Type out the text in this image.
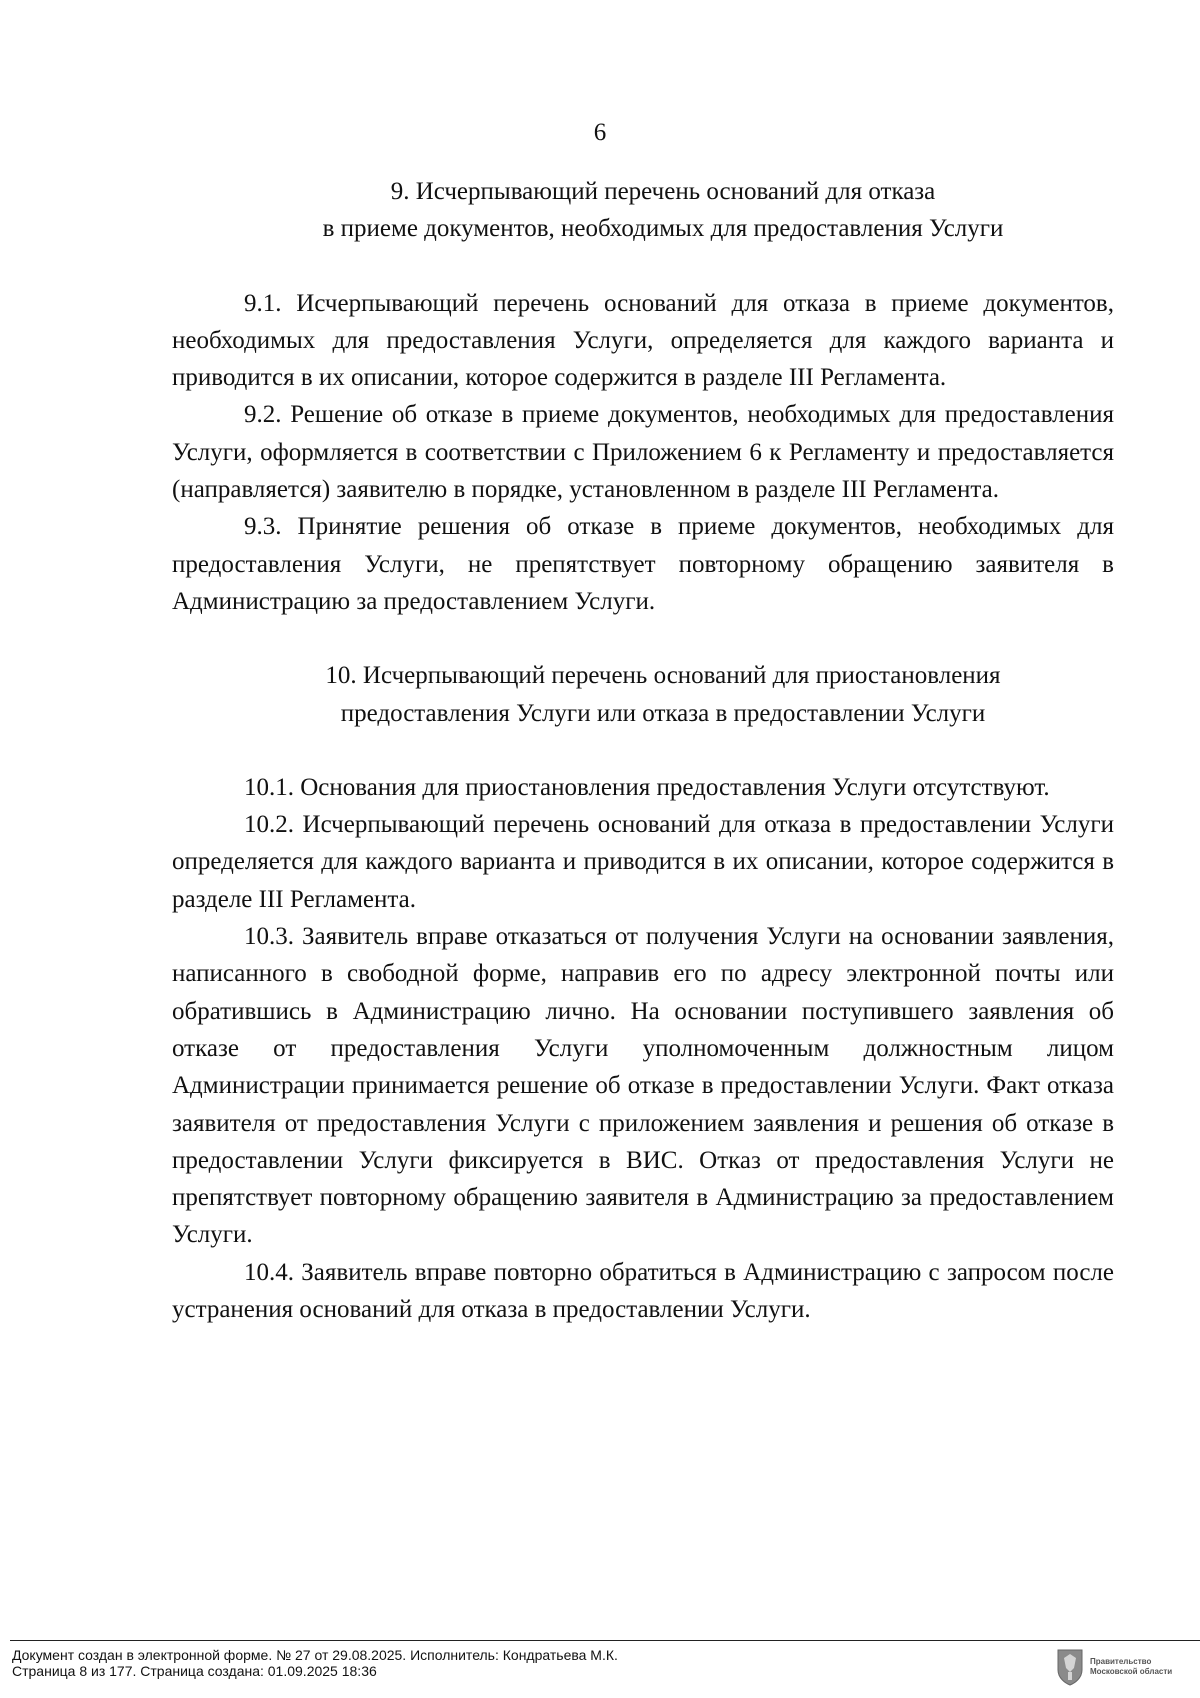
6
9. Исчерпывающий перечень оснований для отказа
в приеме документов, необходимых для предоставления Услуги

9.1. Исчерпывающий перечень оснований для отказа в приеме документов, необходимых для предоставления Услуги, определяется для каждого варианта и приводится в их описании, которое содержится в разделе III Регламента.

9.2. Решение об отказе в приеме документов, необходимых для предоставления Услуги, оформляется в соответствии с Приложением 6 к Регламенту и предоставляется (направляется) заявителю в порядке, установленном в разделе III Регламента.

9.3. Принятие решения об отказе в приеме документов, необходимых для предоставления Услуги, не препятствует повторному обращению заявителя в Администрацию за предоставлением Услуги.

10. Исчерпывающий перечень оснований для приостановления
предоставления Услуги или отказа в предоставлении Услуги

10.1. Основания для приостановления предоставления Услуги отсутствуют.

10.2. Исчерпывающий перечень оснований для отказа в предоставлении Услуги определяется для каждого варианта и приводится в их описании, которое содержится в разделе III Регламента.

10.3. Заявитель вправе отказаться от получения Услуги на основании заявления, написанного в свободной форме, направив его по адресу электронной почты или обратившись в Администрацию лично. На основании поступившего заявления об отказе от предоставления Услуги уполномоченным должностным лицом Администрации принимается решение об отказе в предоставлении Услуги. Факт отказа заявителя от предоставления Услуги с приложением заявления и решения об отказе в предоставлении Услуги фиксируется в ВИС. Отказ от предоставления Услуги не препятствует повторному обращению заявителя в Администрацию за предоставлением Услуги.

10.4. Заявитель вправе повторно обратиться в Администрацию с запросом после устранения оснований для отказа в предоставлении Услуги.

Документ создан в электронной форме. № 27 от 29.08.2025. Исполнитель: Кондратьева М.К.
Страница 8 из 177. Страница создана: 01.09.2025 18:36
Правительство
Московской области
